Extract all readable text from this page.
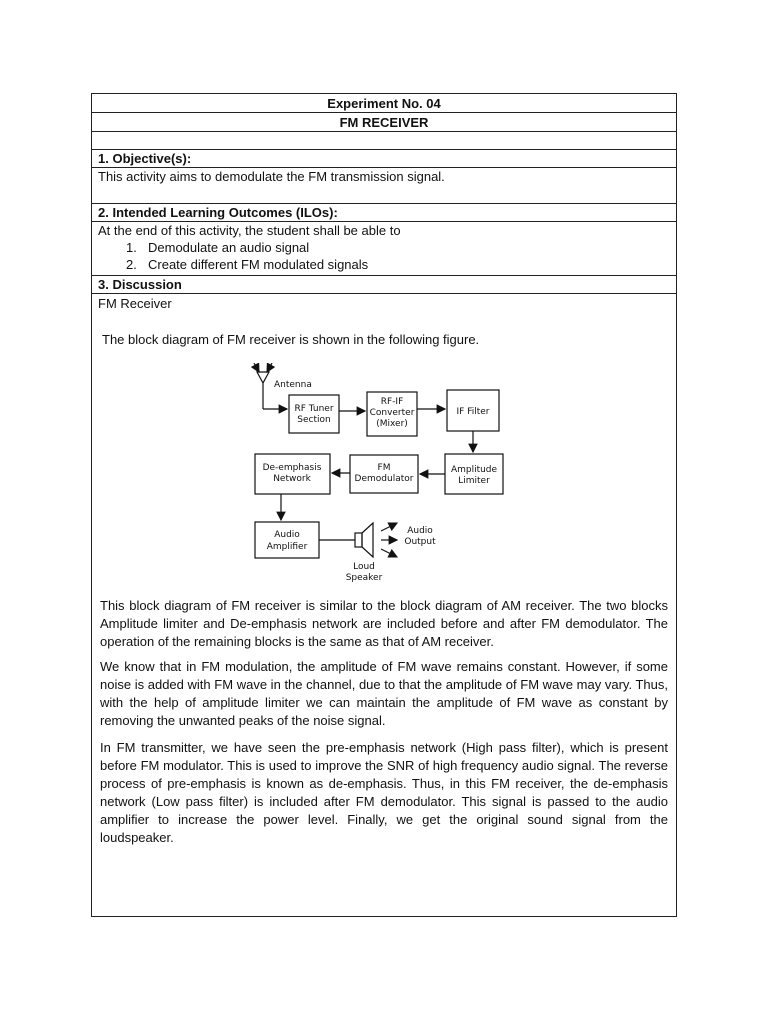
Experiment No. 04
FM RECEIVER
1. Objective(s):
This activity aims to demodulate the FM transmission signal.
2. Intended Learning Outcomes (ILOs):
At the end of this activity, the student shall be able to
1. Demodulate an audio signal
2. Create different FM modulated signals
3. Discussion
FM Receiver
The block diagram of FM receiver is shown in the following figure.
Antenna
RF Tuner
Section
RF-IF
Converter
(Mixer)
IF Filter
Amplitude
Limiter
FM
Demodulator
De-emphasis
Network
Audio
Amplifier
Loud
Speaker
Audio
Output

This block diagram of FM receiver is similar to the block diagram of AM receiver. The two blocks Amplitude limiter and De-emphasis network are included before and after FM demodulator. The operation of the remaining blocks is the same as that of AM receiver.

We know that in FM modulation, the amplitude of FM wave remains constant. However, if some noise is added with FM wave in the channel, due to that the amplitude of FM wave may vary. Thus, with the help of amplitude limiter we can maintain the amplitude of FM wave as constant by removing the unwanted peaks of the noise signal.

In FM transmitter, we have seen the pre-emphasis network (High pass filter), which is present before FM modulator. This is used to improve the SNR of high frequency audio signal. The reverse process of pre-emphasis is known as de-emphasis. Thus, in this FM receiver, the de-emphasis network (Low pass filter) is included after FM demodulator. This signal is passed to the audio amplifier to increase the power level. Finally, we get the original sound signal from the loudspeaker.
